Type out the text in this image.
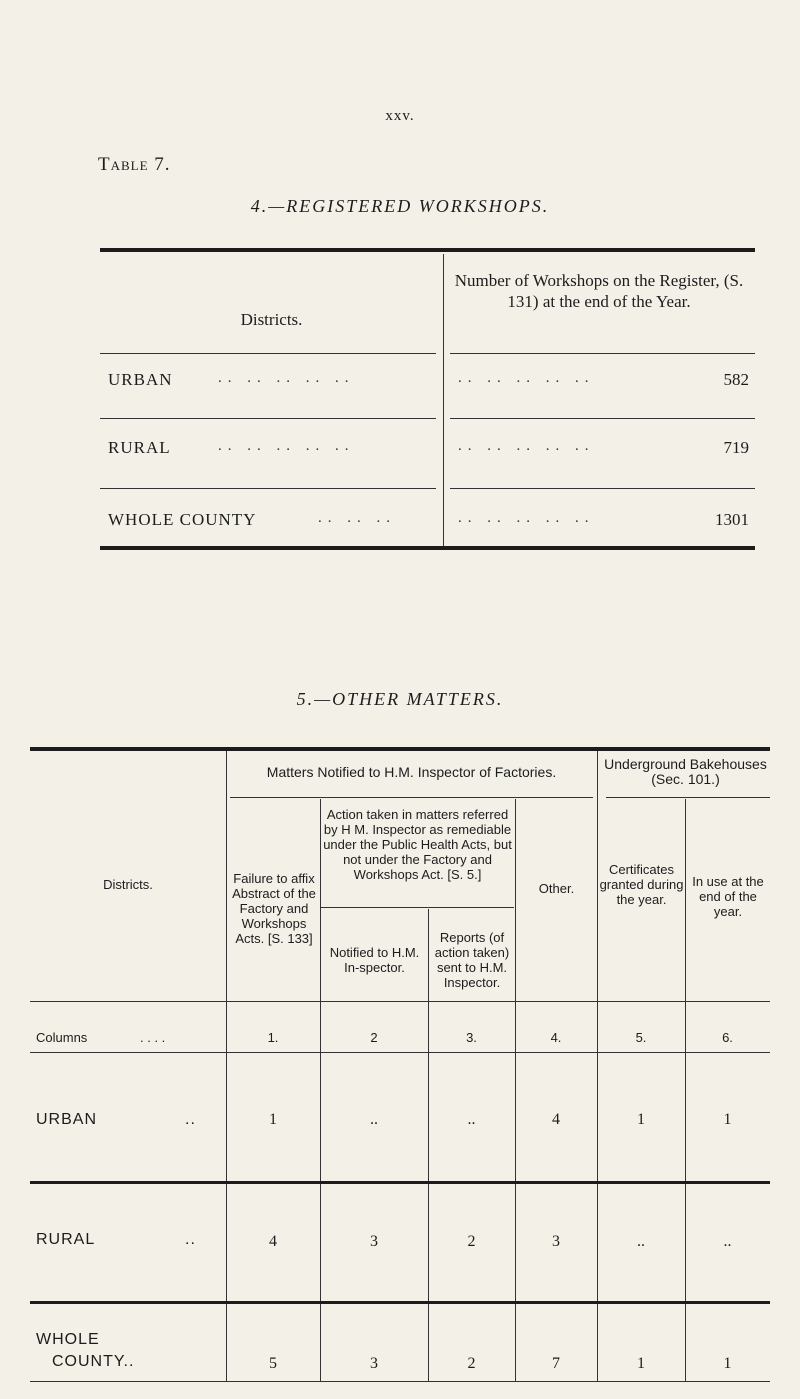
xxv.
Table 7.
4.—REGISTERED WORKSHOPS.
Districts.
Number of Workshops on the Register, (S. 131) at the end of the Year.
URBAN	.. .. .. .. ..	.. .. .. .. ..	582
RURAL	.. .. .. .. ..	.. .. .. .. ..	719
WHOLE COUNTY	.. .. ..	.. .. .. .. ..	1301
5.—OTHER MATTERS.
Matters Notified to H.M. Inspector of Factories.	Underground Bakehouses (Sec. 101.)
Districts.	Failure to affix Abstract of the Factory and Workshops Acts. [S. 133]
Action taken in matters referred by H M. Inspector as remediable under the Public Health Acts, but not under the Factory and Workshops Act. [S. 5.]
Notified to H.M. In-spector.
Reports (of action taken) sent to H.M. Inspector.
Other.
Certificates granted during the year.
In use at the end of the year.
Columns	. . . .	1.	2	3.	4.	5.	6.
URBAN	..	1	..	..	4	1	1
RURAL	..	4	3	2	3	..	..
WHOLE
COUNTY..	5	3	2	7	1	1
